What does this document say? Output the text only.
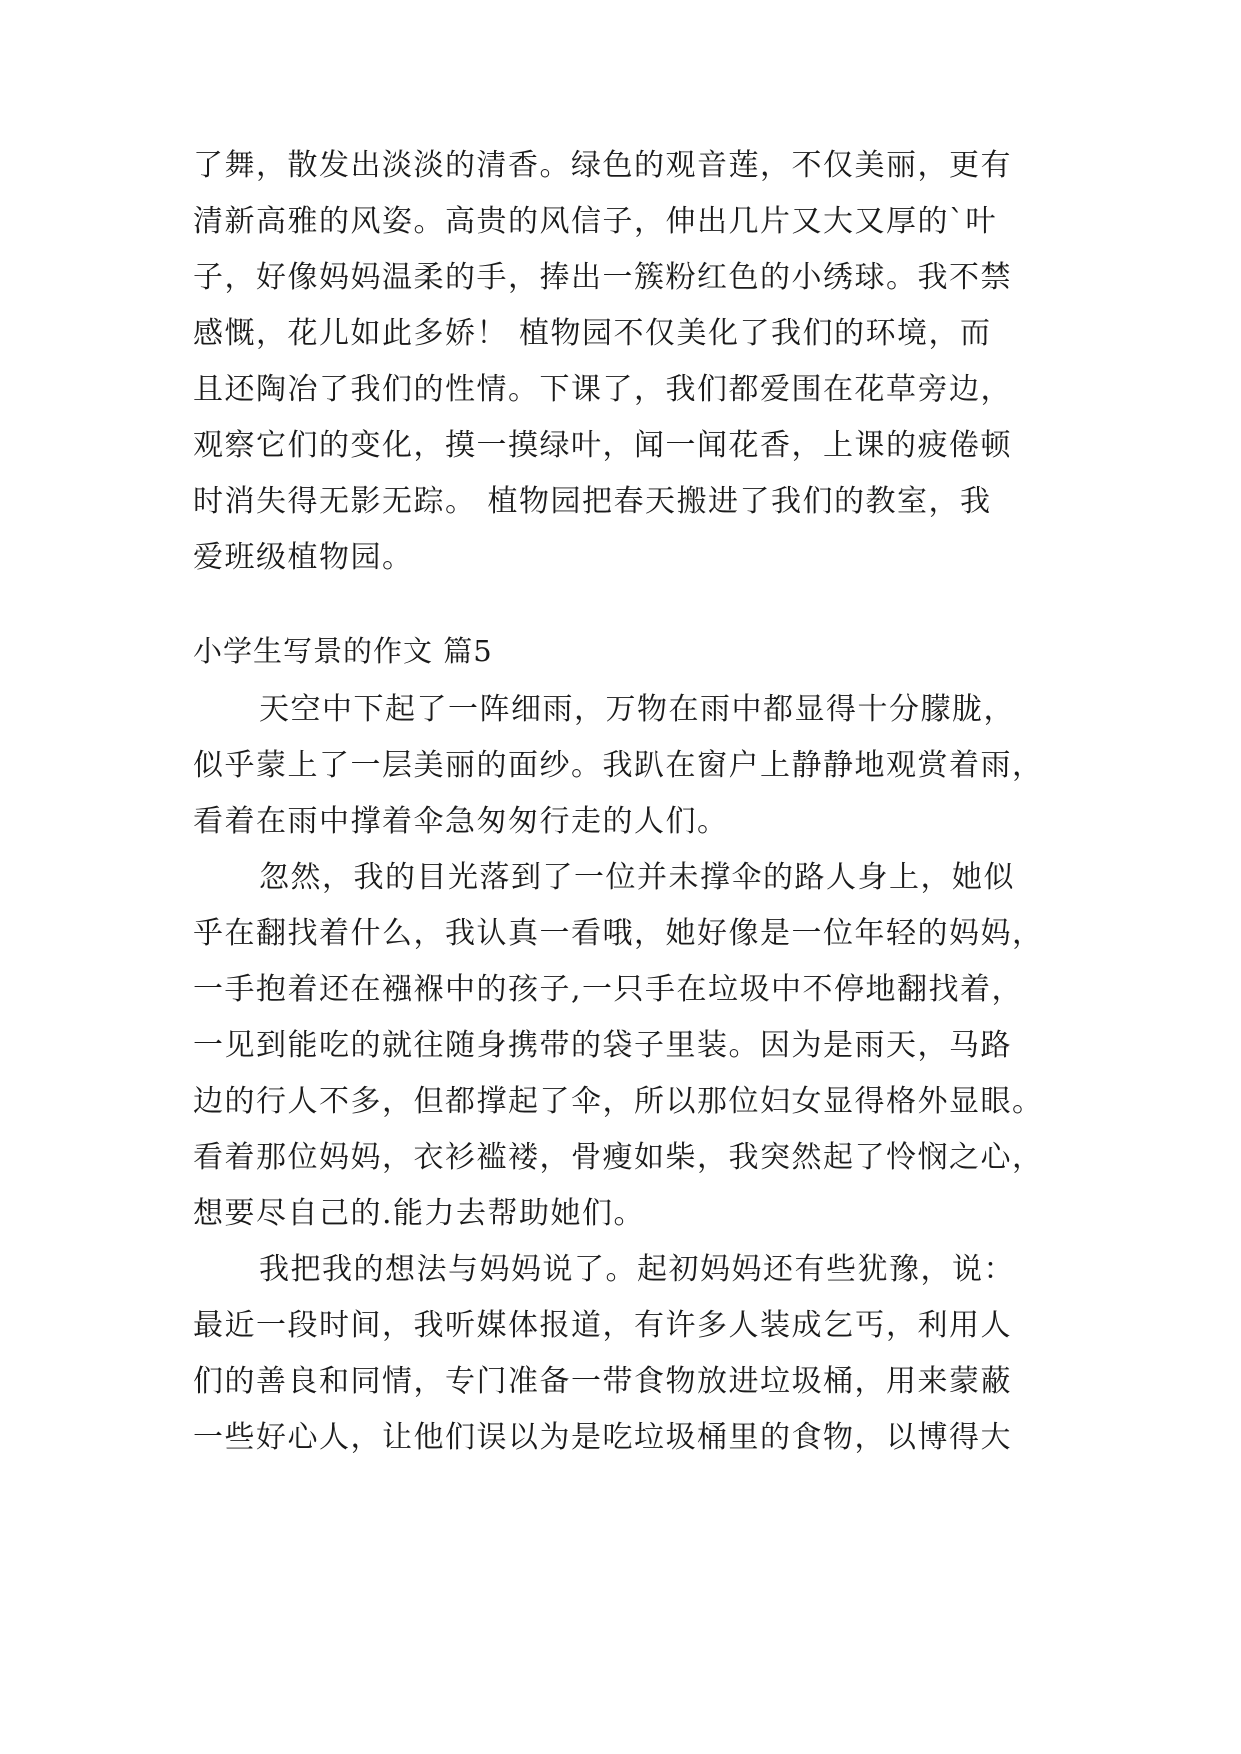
了舞，散发出淡淡的清香。绿色的观音莲，不仅美丽，更有
清新高雅的风姿。高贵的风信子，伸出几片又大又厚的`叶
子，好像妈妈温柔的手，捧出一簇粉红色的小绣球。我不禁
感慨，花儿如此多娇！ 植物园不仅美化了我们的环境，而
且还陶冶了我们的性情。下课了，我们都爱围在花草旁边，
观察它们的变化，摸一摸绿叶，闻一闻花香，上课的疲倦顿
时消失得无影无踪。 植物园把春天搬进了我们的教室，我
爱班级植物园。
小学生写景的作文 篇5
天空中下起了一阵细雨，万物在雨中都显得十分朦胧，
似乎蒙上了一层美丽的面纱。我趴在窗户上静静地观赏着雨，
看着在雨中撑着伞急匆匆行走的人们。
忽然，我的目光落到了一位并未撑伞的路人身上，她似
乎在翻找着什么，我认真一看哦，她好像是一位年轻的妈妈，
一手抱着还在襁褓中的孩子,一只手在垃圾中不停地翻找着，
一见到能吃的就往随身携带的袋子里装。因为是雨天，马路
边的行人不多，但都撑起了伞，所以那位妇女显得格外显眼。
看着那位妈妈，衣衫褴褛，骨瘦如柴，我突然起了怜悯之心，
想要尽自己的.能力去帮助她们。
我把我的想法与妈妈说了。起初妈妈还有些犹豫，说：
最近一段时间，我听媒体报道，有许多人装成乞丐，利用人
们的善良和同情，专门准备一带食物放进垃圾桶，用来蒙蔽
一些好心人，让他们误以为是吃垃圾桶里的食物，以博得大
